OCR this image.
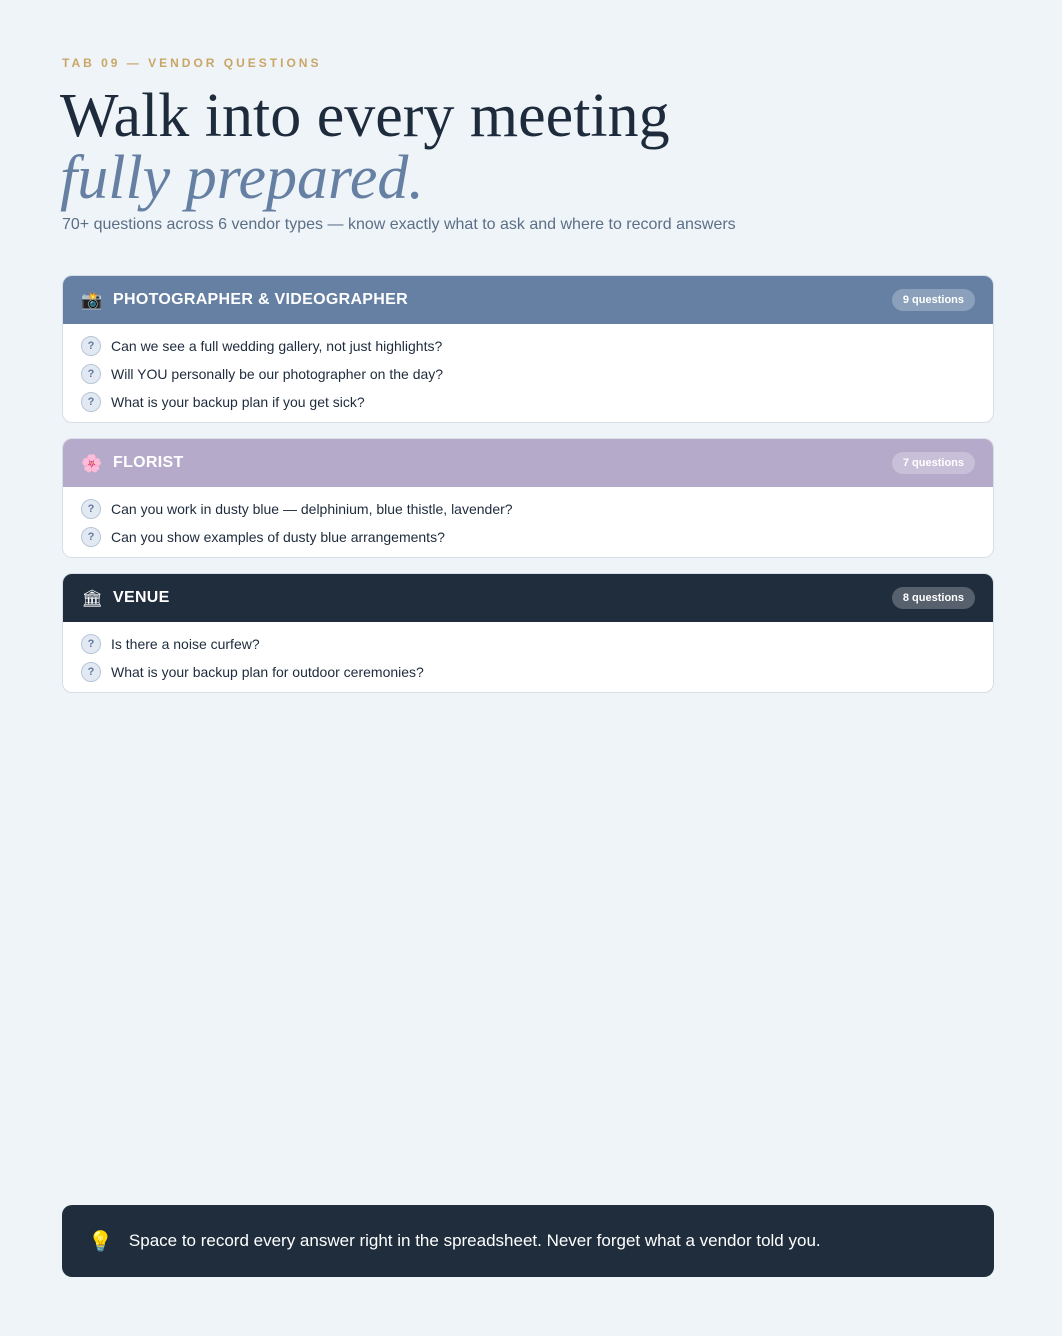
TAB 09 — VENDOR QUESTIONS
Walk into every meeting
fully prepared.
70+ questions across 6 vendor types — know exactly what to ask and where to record answers
📸 PHOTOGRAPHER & VIDEOGRAPHER	9 questions
?	Can we see a full wedding gallery, not just highlights?
?	Will YOU personally be our photographer on the day?
?	What is your backup plan if you get sick?
🌸 FLORIST	7 questions
?	Can you work in dusty blue — delphinium, blue thistle, lavender?
?	Can you show examples of dusty blue arrangements?
🏛 VENUE	8 questions
?	Is there a noise curfew?
?	What is your backup plan for outdoor ceremonies?
💡 Space to record every answer right in the spreadsheet. Never forget what a vendor told you.
